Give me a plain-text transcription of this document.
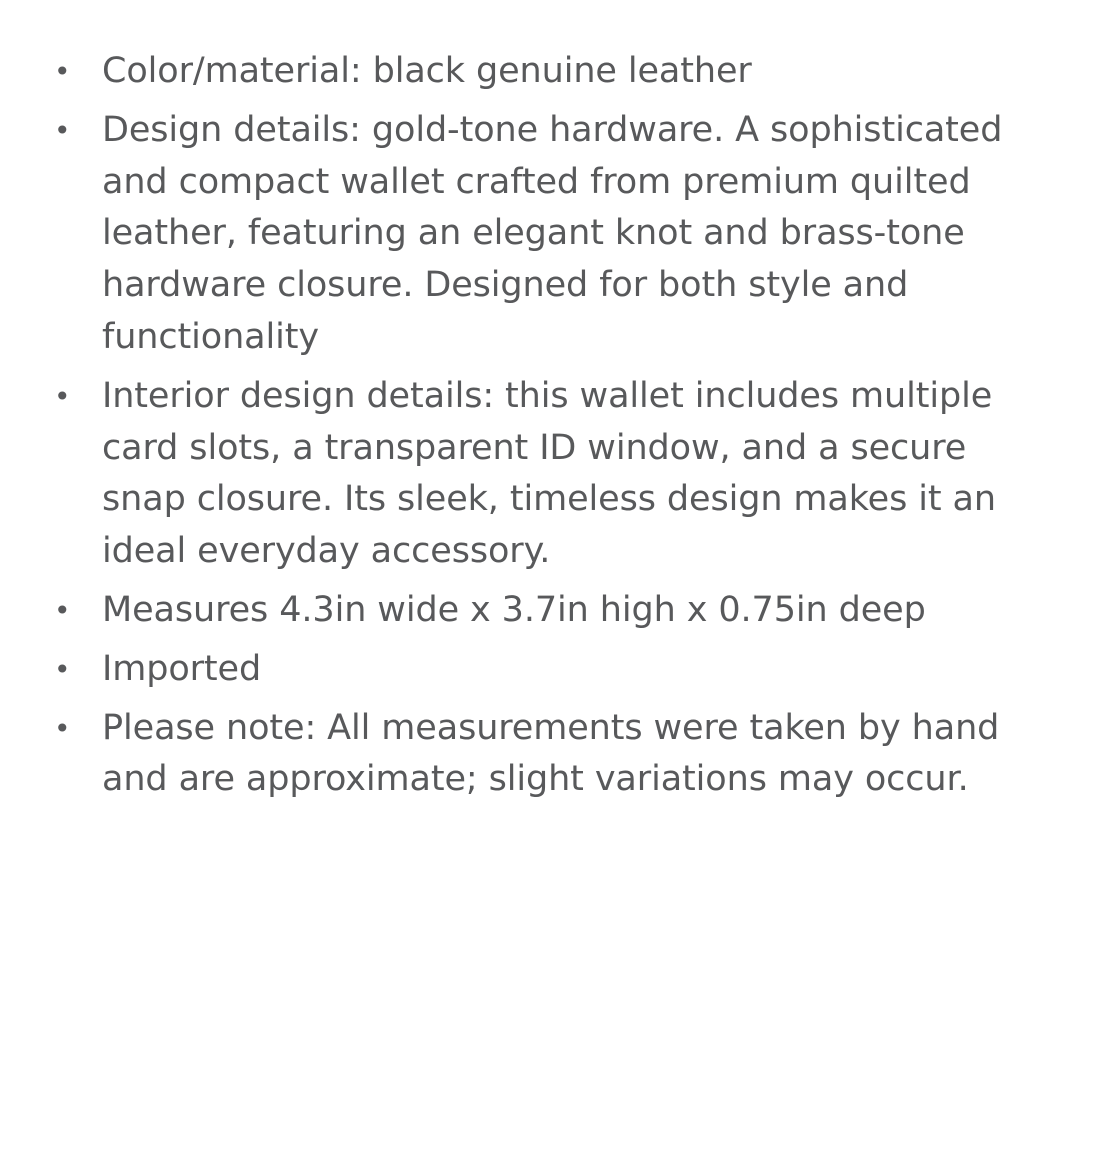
• Color/material: black genuine leather
• Design details: gold-tone hardware. A sophisticated and compact wallet crafted from premium quilted leather, featuring an elegant knot and brass-tone hardware closure. Designed for both style and functionality
• Interior design details: this wallet includes multiple card slots, a transparent ID window, and a secure snap closure. Its sleek, timeless design makes it an ideal everyday accessory.
• Measures 4.3in wide x 3.7in high x 0.75in deep
• Imported
• Please note: All measurements were taken by hand and are approximate; slight variations may occur.
